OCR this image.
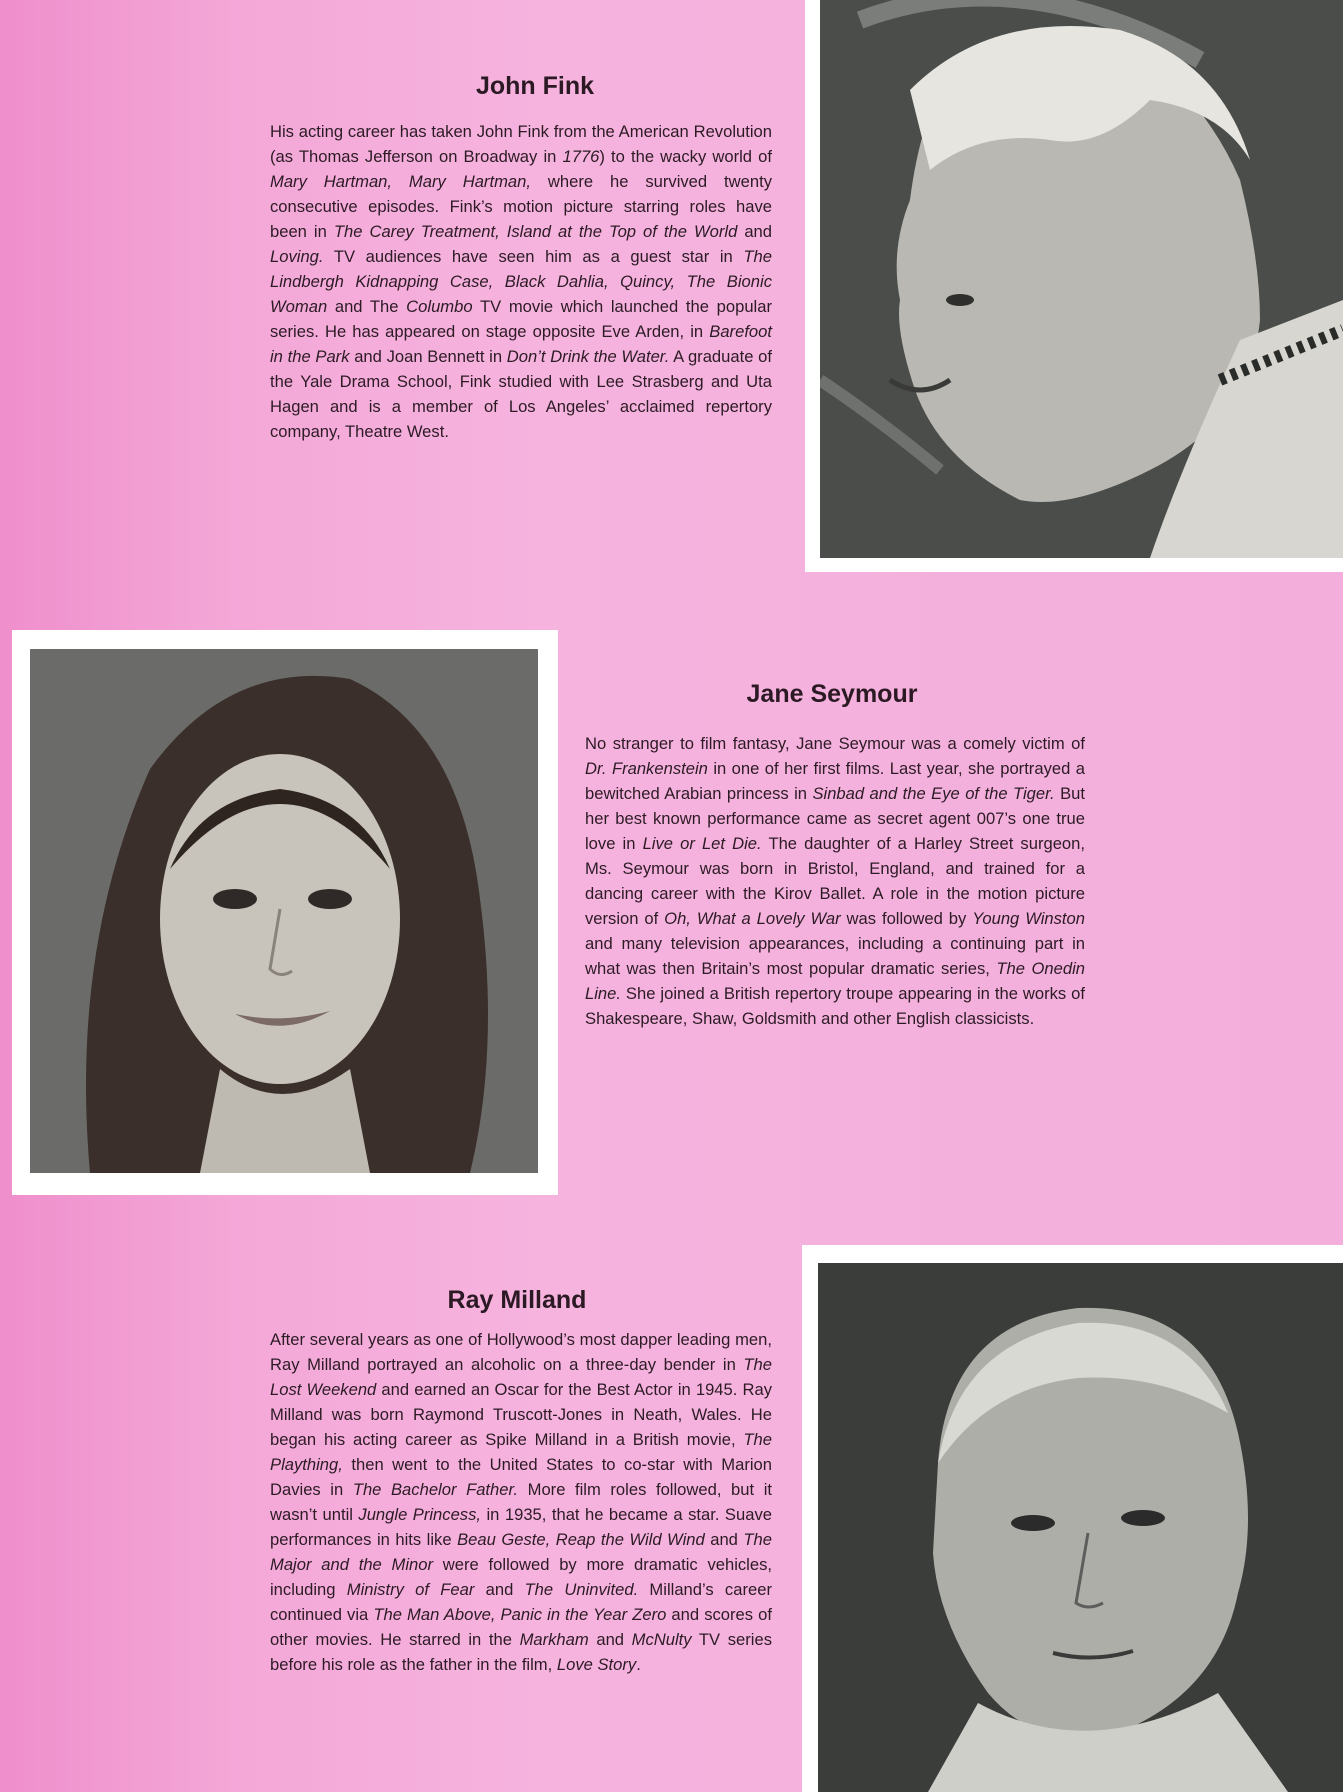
John Fink

His acting career has taken John Fink from the American Revolution (as Thomas Jefferson on Broadway in 1776) to the wacky world of Mary Hartman, Mary Hartman, where he survived twenty consecutive episodes. Fink’s motion picture starring roles have been in The Carey Treatment, Island at the Top of the World and Loving. TV audiences have seen him as a guest star in The Lindbergh Kidnapping Case, Black Dahlia, Quincy, The Bionic Woman and The Columbo TV movie which launched the popular series. He has appeared on stage opposite Eve Arden, in Barefoot in the Park and Joan Bennett in Don’t Drink the Water. A graduate of the Yale Drama School, Fink studied with Lee Strasberg and Uta Hagen and is a member of Los Angeles’ acclaimed repertory company, Theatre West.

Jane Seymour

No stranger to film fantasy, Jane Seymour was a comely victim of Dr. Frankenstein in one of her first films. Last year, she portrayed a bewitched Arabian princess in Sinbad and the Eye of the Tiger. But her best known performance came as secret agent 007’s one true love in Live or Let Die. The daughter of a Harley Street surgeon, Ms. Seymour was born in Bristol, England, and trained for a dancing career with the Kirov Ballet. A role in the motion picture version of Oh, What a Lovely War was followed by Young Winston and many television appearances, including a continuing part in what was then Britain’s most popular dramatic series, The Onedin Line. She joined a British repertory troupe appearing in the works of Shakespeare, Shaw, Goldsmith and other English classicists.

Ray Milland

After several years as one of Hollywood’s most dapper leading men, Ray Milland portrayed an alcoholic on a three-day bender in The Lost Weekend and earned an Oscar for the Best Actor in 1945. Ray Milland was born Raymond Truscott-Jones in Neath, Wales. He began his acting career as Spike Milland in a British movie, The Plaything, then went to the United States to co-star with Marion Davies in The Bachelor Father. More film roles followed, but it wasn’t until Jungle Princess, in 1935, that he became a star. Suave performances in hits like Beau Geste, Reap the Wild Wind and The Major and the Minor were followed by more dramatic vehicles, including Ministry of Fear and The Uninvited. Milland’s career continued via The Man Above, Panic in the Year Zero and scores of other movies. He starred in the Markham and McNulty TV series before his role as the father in the film, Love Story.
